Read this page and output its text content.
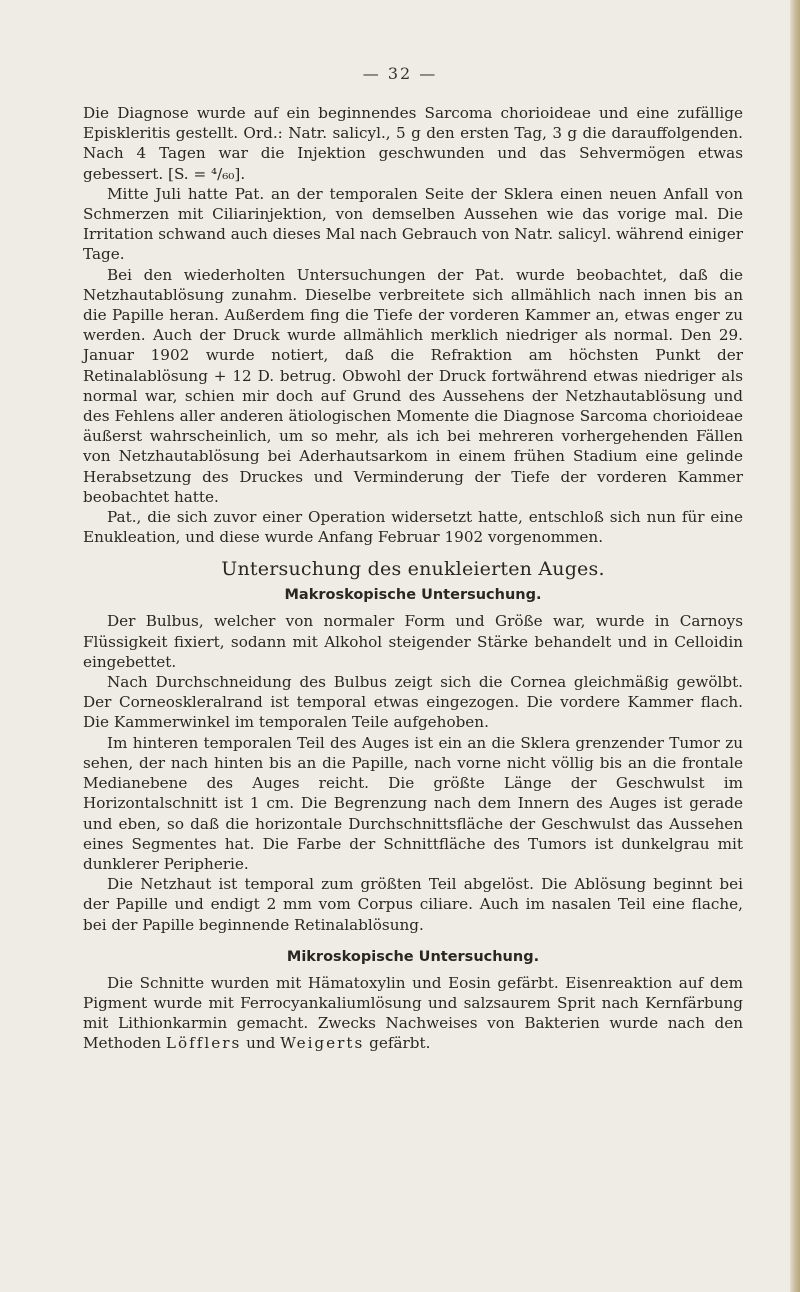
— 32 —

Die Diagnose wurde auf ein beginnendes Sarcoma chorioideae und eine zufällige Episkleritis gestellt. Ord.: Natr. salicyl., 5 g den ersten Tag, 3 g die darauffolgenden. Nach 4 Tagen war die Injektion geschwunden und das Sehvermögen etwas gebessert. [S. = ⁴/₆₀].

Mitte Juli hatte Pat. an der temporalen Seite der Sklera einen neuen Anfall von Schmerzen mit Ciliarinjektion, von demselben Aussehen wie das vorige mal. Die Irritation schwand auch dieses Mal nach Gebrauch von Natr. salicyl. während einiger Tage.

Bei den wiederholten Untersuchungen der Pat. wurde beobachtet, daß die Netzhautablösung zunahm. Dieselbe verbreitete sich allmählich nach innen bis an die Papille heran. Außerdem fing die Tiefe der vorderen Kammer an, etwas enger zu werden. Auch der Druck wurde allmählich merklich niedriger als normal. Den 29. Januar 1902 wurde notiert, daß die Refraktion am höchsten Punkt der Retinalablösung + 12 D. betrug. Obwohl der Druck fortwährend etwas niedriger als normal war, schien mir doch auf Grund des Aussehens der Netzhautablösung und des Fehlens aller anderen ätiologischen Momente die Diagnose Sarcoma chorioideae äußerst wahrscheinlich, um so mehr, als ich bei mehreren vorhergehenden Fällen von Netzhautablösung bei Aderhautsarkom in einem frühen Stadium eine gelinde Herabsetzung des Druckes und Verminderung der Tiefe der vorderen Kammer beobachtet hatte.

Pat., die sich zuvor einer Operation widersetzt hatte, entschloß sich nun für eine Enukleation, und diese wurde Anfang Februar 1902 vorgenommen.

Untersuchung des enukleierten Auges.
Makroskopische Untersuchung.

Der Bulbus, welcher von normaler Form und Größe war, wurde in Carnoys Flüssigkeit fixiert, sodann mit Alkohol steigender Stärke behandelt und in Celloidin eingebettet.

Nach Durchschneidung des Bulbus zeigt sich die Cornea gleichmäßig gewölbt. Der Corneoskleralrand ist temporal etwas eingezogen. Die vordere Kammer flach. Die Kammerwinkel im temporalen Teile aufgehoben.

Im hinteren temporalen Teil des Auges ist ein an die Sklera grenzender Tumor zu sehen, der nach hinten bis an die Papille, nach vorne nicht völlig bis an die frontale Medianebene des Auges reicht. Die größte Länge der Geschwulst im Horizontalschnitt ist 1 cm. Die Begrenzung nach dem Innern des Auges ist gerade und eben, so daß die horizontale Durchschnittsfläche der Geschwulst das Aussehen eines Segmentes hat. Die Farbe der Schnittfläche des Tumors ist dunkelgrau mit dunklerer Peripherie.

Die Netzhaut ist temporal zum größten Teil abgelöst. Die Ablösung beginnt bei der Papille und endigt 2 mm vom Corpus ciliare. Auch im nasalen Teil eine flache, bei der Papille beginnende Retinalablösung.

Mikroskopische Untersuchung.

Die Schnitte wurden mit Hämatoxylin und Eosin gefärbt. Eisenreaktion auf dem Pigment wurde mit Ferrocyankaliumlösung und salzsaurem Sprit nach Kernfärbung mit Lithionkarmin gemacht. Zwecks Nachweises von Bakterien wurde nach den Methoden Löfflers und Weigerts gefärbt.
